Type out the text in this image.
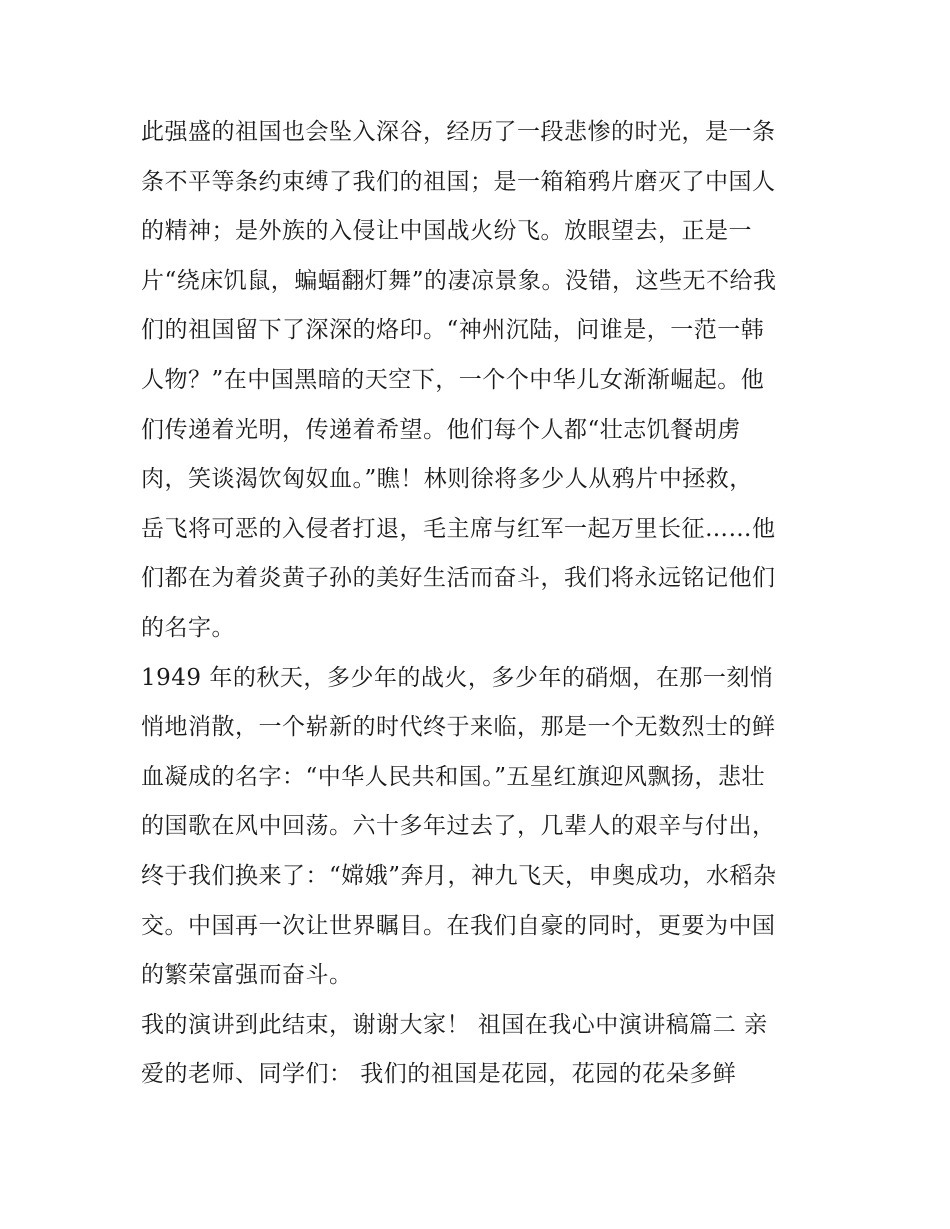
此强盛的祖国也会坠入深谷，经历了一段悲惨的时光，是一条
条不平等条约束缚了我们的祖国；是一箱箱鸦片磨灭了中国人
的精神；是外族的入侵让中国战火纷飞。放眼望去，正是一
片“绕床饥鼠，蝙蝠翻灯舞”的凄凉景象。没错，这些无不给我
们的祖国留下了深深的烙印。“神州沉陆，问谁是，一范一韩
人物？”在中国黑暗的天空下，一个个中华儿女渐渐崛起。他
们传递着光明，传递着希望。他们每个人都“壮志饥餐胡虏
肉，笑谈渴饮匈奴血。”瞧！林则徐将多少人从鸦片中拯救，
岳飞将可恶的入侵者打退，毛主席与红军一起万里长征……他
们都在为着炎黄子孙的美好生活而奋斗，我们将永远铭记他们
的名字。
1949 年的秋天，多少年的战火，多少年的硝烟，在那一刻悄
悄地消散，一个崭新的时代终于来临，那是一个无数烈士的鲜
血凝成的名字：“中华人民共和国。”五星红旗迎风飘扬，悲壮
的国歌在风中回荡。六十多年过去了，几辈人的艰辛与付出，
终于我们换来了：“嫦娥”奔月，神九飞天，申奥成功，水稻杂
交。中国再一次让世界瞩目。在我们自豪的同时，更要为中国
的繁荣富强而奋斗。
我的演讲到此结束，谢谢大家！ 祖国在我心中演讲稿篇二 亲
爱的老师、同学们： 我们的祖国是花园，花园的花朵多鲜
